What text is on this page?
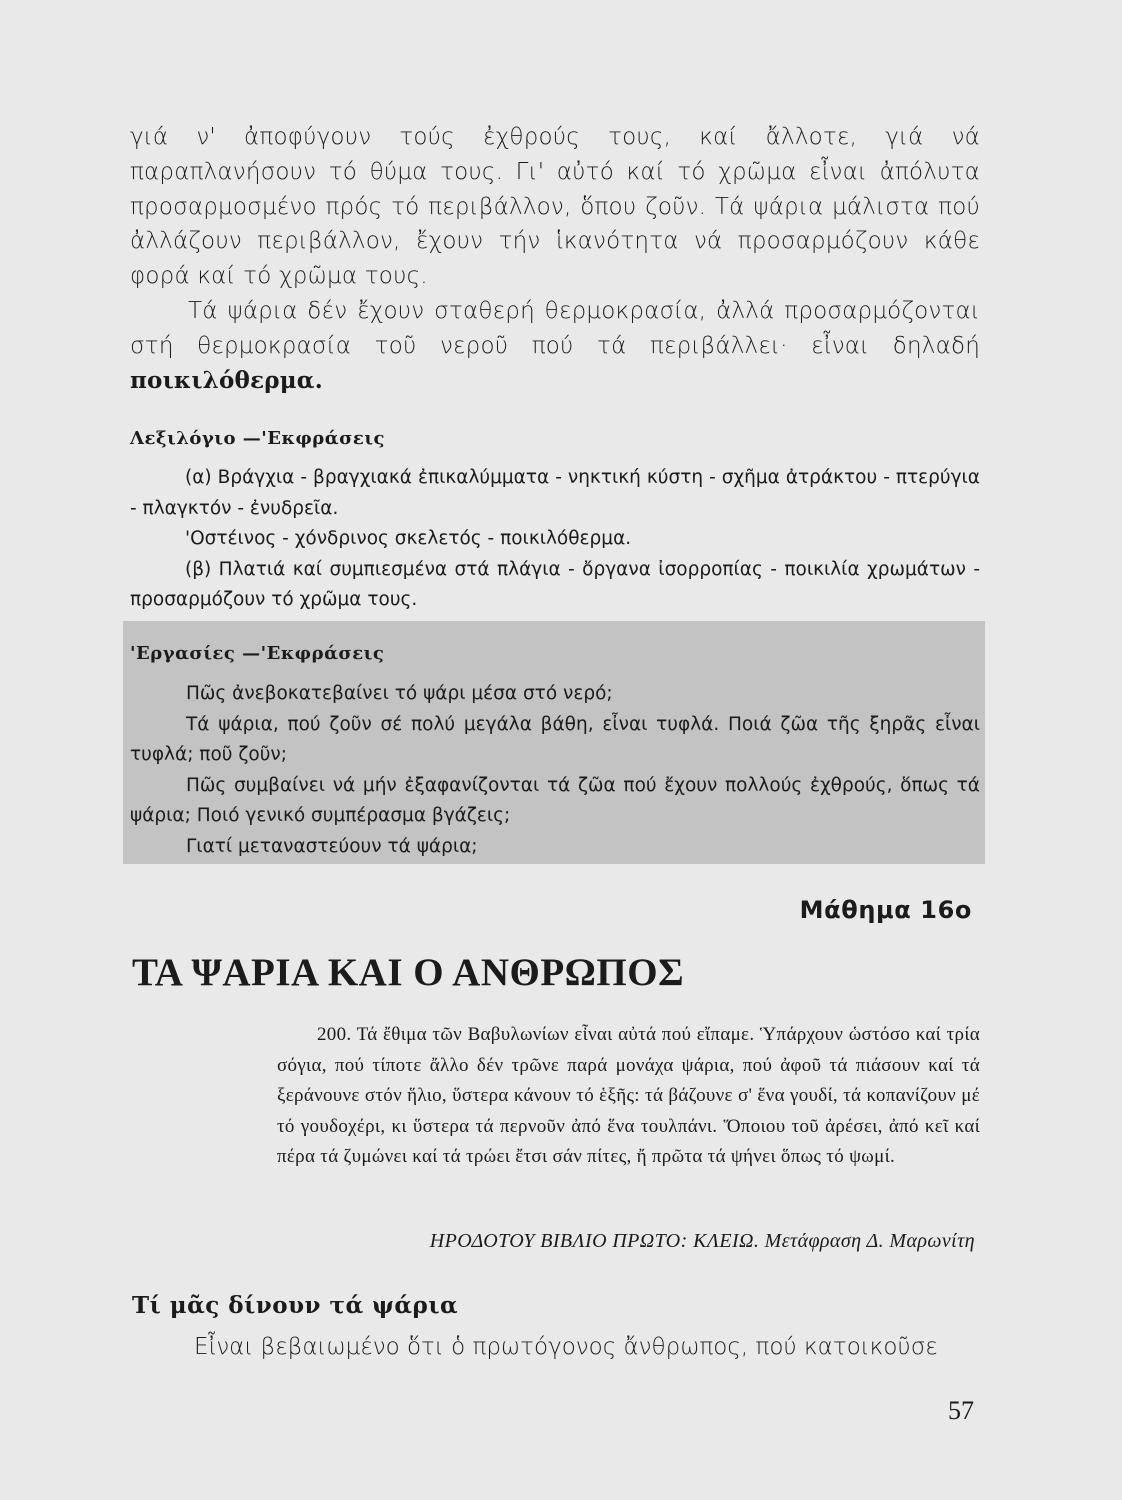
γιά ν' ἀποφύγουν τούς ἐχθρούς τους, καί ἄλλοτε, γιά νά παραπλανήσουν τό θύμα τους. Γι' αὐτό καί τό χρῶμα εἶναι ἀπόλυτα προσαρμοσμένο πρός τό περιβάλλον, ὅπου ζοῦν. Τά ψάρια μάλιστα πού ἀλλάζουν περιβάλλον, ἔχουν τήν ἱκανότητα νά προσαρμόζουν κάθε φορά καί τό χρῶμα τους.
Τά ψάρια δέν ἔχουν σταθερή θερμοκρασία, ἀλλά προσαρμόζονται στή θερμοκρασία τοῦ νεροῦ πού τά περιβάλλει· εἶναι δηλαδή ποικιλόθερμα.
Λεξιλόγιο —'Εκφράσεις
(α) Βράγχια - βραγχιακά ἐπικαλύμματα - νηκτική κύστη - σχῆμα ἀτράκτου - πτερύγια - πλαγκτόν - ἐνυδρεῖα.
'Οστέινος - χόνδρινος σκελετός - ποικιλόθερμα.
(β) Πλατιά καί συμπιεσμένα στά πλάγια - ὄργανα ἰσορροπίας - ποικιλία χρωμάτων - προσαρμόζουν τό χρῶμα τους.
'Εργασίες —'Εκφράσεις
Πῶς ἀνεβοκατεβαίνει τό ψάρι μέσα στό νερό;
Τά ψάρια, πού ζοῦν σέ πολύ μεγάλα βάθη, εἶναι τυφλά. Ποιά ζῶα τῆς ξηρᾶς εἶναι τυφλά; ποῦ ζοῦν;
Πῶς συμβαίνει νά μήν ἐξαφανίζονται τά ζῶα πού ἔχουν πολλούς ἐχθρούς, ὅπως τά ψάρια; Ποιό γενικό συμπέρασμα βγάζεις;
Γιατί μεταναστεύουν τά ψάρια;
Μάθημα 16ο
ΤΑ ΨΑΡΙΑ ΚΑΙ Ο ΑΝΘΡΩΠΟΣ
200. Τά ἔθιμα τῶν Βαβυλωνίων εἶναι αὐτά πού εἴπαμε. Ὑπάρχουν ὡστόσο καί τρία σόγια, πού τίποτε ἄλλο δέν τρῶνε παρά μονάχα ψάρια, πού ἀφοῦ τά πιάσουν καί τά ξεράνουνε στόν ἥλιο, ὕστερα κάνουν τό ἑξῆς: τά βάζουνε σ' ἕνα γουδί, τά κοπανίζουν μέ τό γουδοχέρι, κι ὕστερα τά περνοῦν ἀπό ἕνα τουλπάνι. Ὅποιου τοῦ ἀρέσει, ἀπό κεῖ καί πέρα τά ζυμώνει καί τά τρώει ἔτσι σάν πίτες, ἤ πρῶτα τά ψήνει ὅπως τό ψωμί.
ΗΡΟΔΟΤΟΥ ΒΙΒΛΙΟ ΠΡΩΤΟ: ΚΛΕΙΩ. Μετάφραση Δ. Μαρωνίτη
Τί μᾶς δίνουν τά ψάρια
Εἶναι βεβαιωμένο ὅτι ὁ πρωτόγονος ἄνθρωπος, πού κατοικοῦσε
57
